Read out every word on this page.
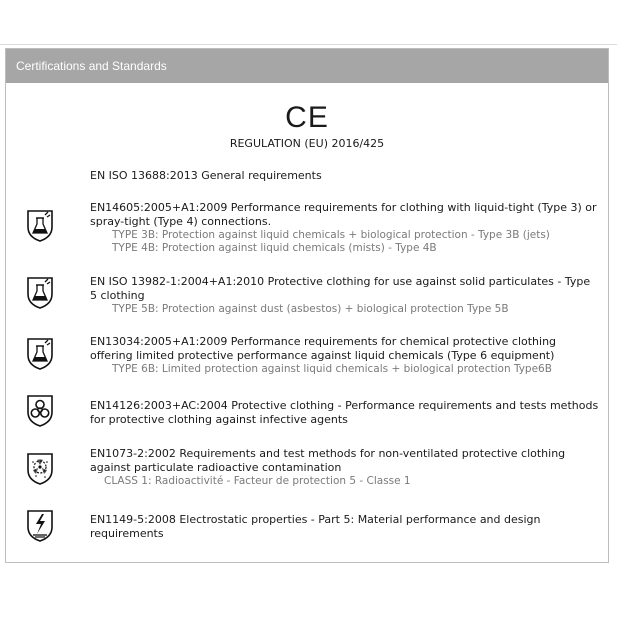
Certifications and Standards
CE
REGULATION (EU) 2016/425
EN ISO 13688:2013 General requirements
EN14605:2005+A1:2009 Performance requirements for clothing with liquid-tight (Type 3) or spray-tight (Type 4) connections.
TYPE 3B: Protection against liquid chemicals + biological protection - Type 3B (jets)
TYPE 4B: Protection against liquid chemicals (mists) - Type 4B
EN ISO 13982-1:2004+A1:2010 Protective clothing for use against solid particulates - Type 5 clothing
TYPE 5B: Protection against dust (asbestos) + biological protection Type 5B
EN13034:2005+A1:2009 Performance requirements for chemical protective clothing offering limited protective performance against liquid chemicals (Type 6 equipment)
TYPE 6B: Limited protection against liquid chemicals + biological protection Type6B
EN14126:2003+AC:2004 Protective clothing - Performance requirements and tests methods for protective clothing against infective agents
EN1073-2:2002 Requirements and test methods for non-ventilated protective clothing against particulate radioactive contamination
CLASS 1: Radioactivité - Facteur de protection 5 - Classe 1
EN1149-5:2008 Electrostatic properties - Part 5: Material performance and design requirements
